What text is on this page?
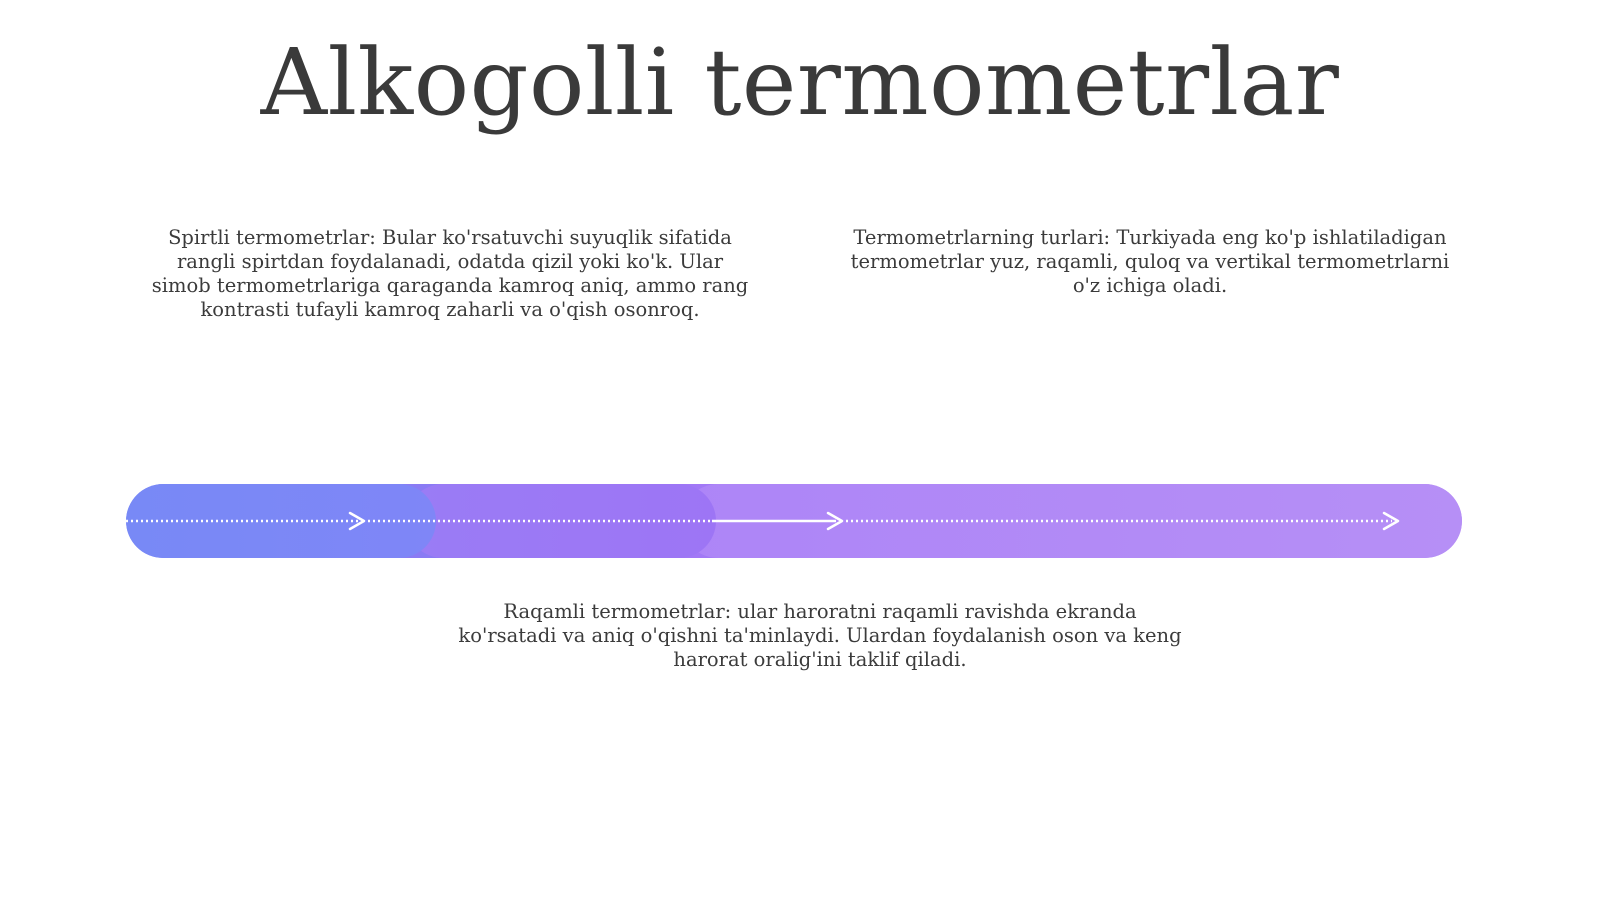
Alkogolli termometrlar
Spirtli termometrlar: Bular ko'rsatuvchi suyuqlik sifatida rangli spirtdan foydalanadi, odatda qizil yoki ko'k. Ular simob termometrlariga qaraganda kamroq aniq, ammo rang kontrasti tufayli kamroq zaharli va o'qish osonroq.
Termometrlarning turlari: Turkiyada eng ko'p ishlatiladigan termometrlar yuz, raqamli, quloq va vertikal termometrlarni o'z ichiga oladi.
Raqamli termometrlar: ular haroratni raqamli ravishda ekranda ko'rsatadi va aniq o'qishni ta'minlaydi. Ulardan foydalanish oson va keng harorat oralig'ini taklif qiladi.
